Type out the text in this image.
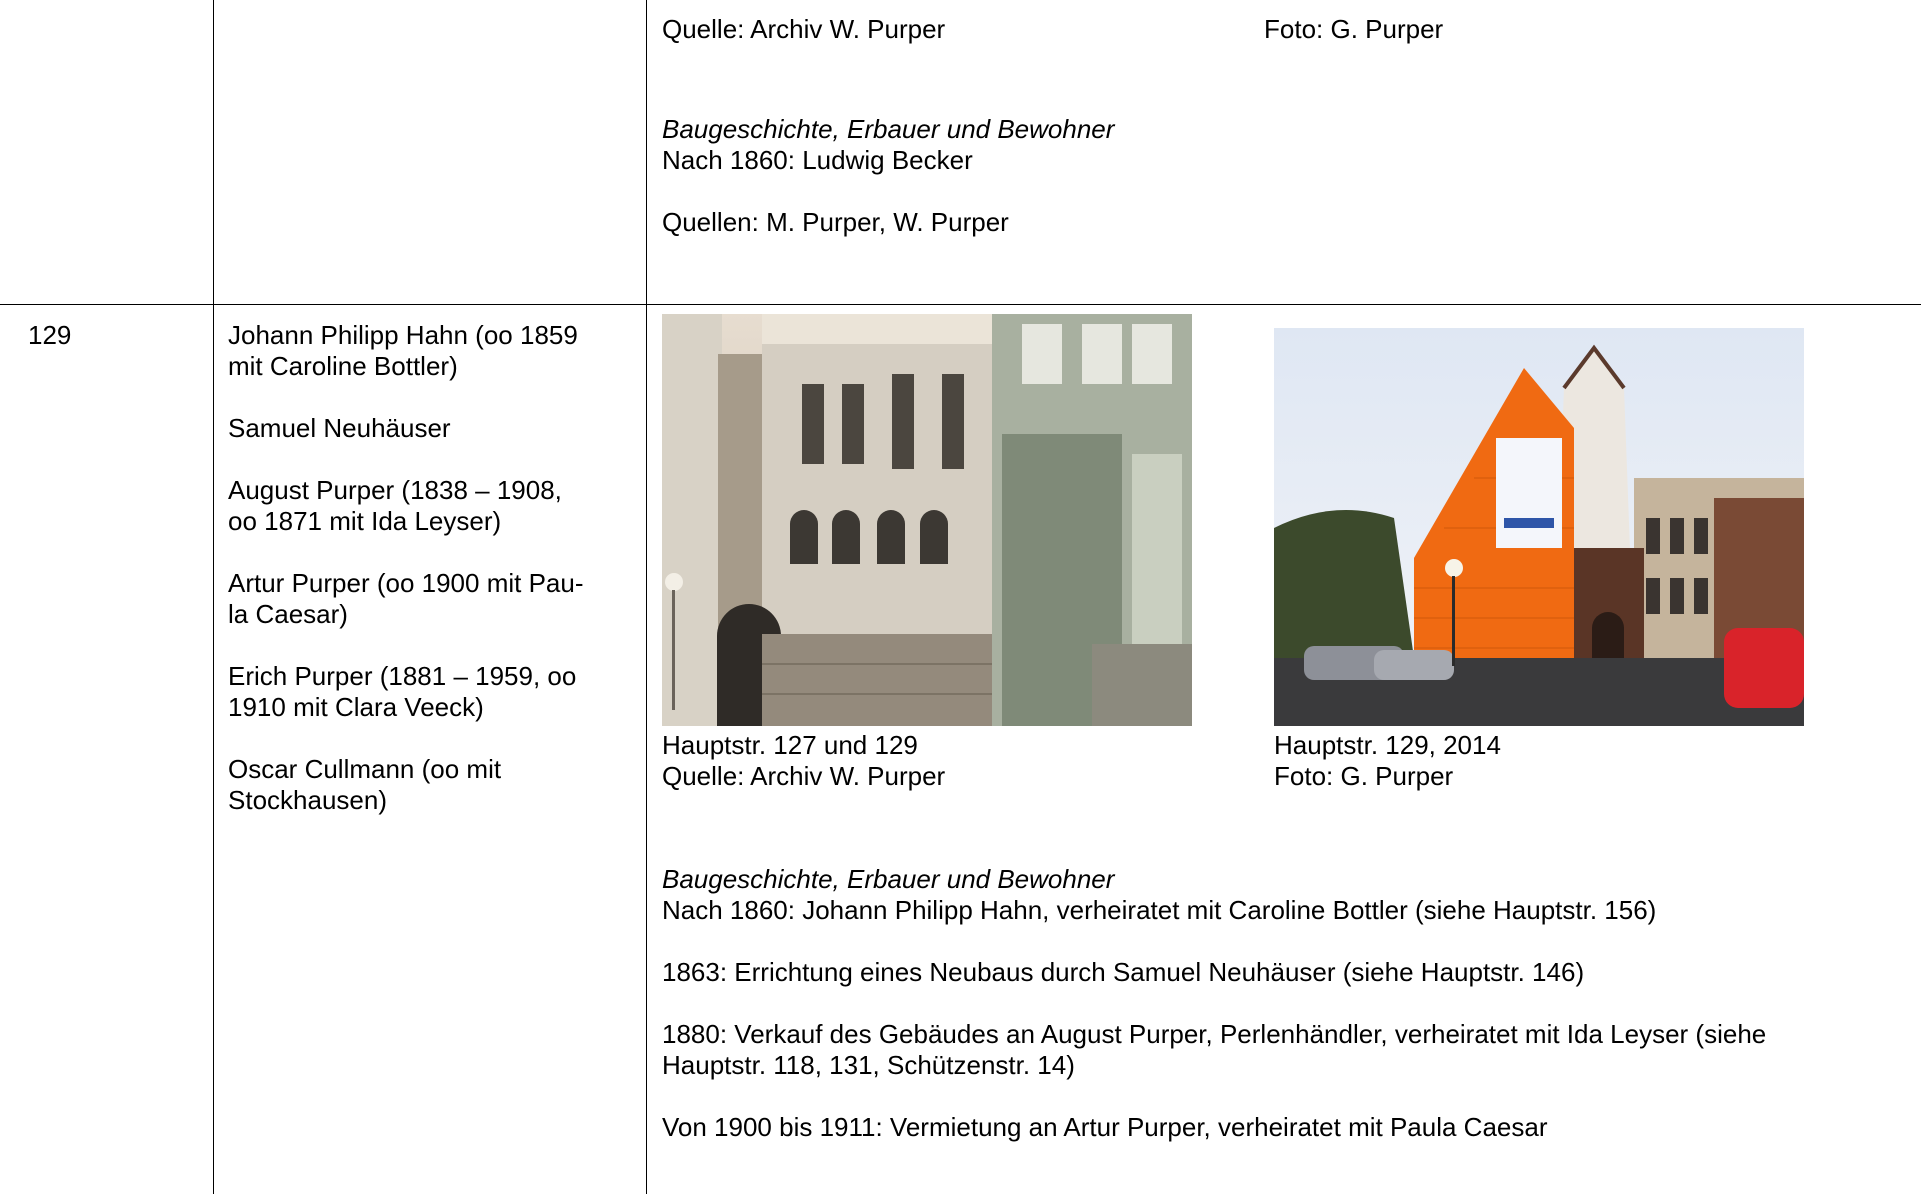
Quelle: Archiv W. Purper	Foto: G. Purper
Baugeschichte, Erbauer und Bewohner
Nach 1860: Ludwig Becker
Quellen: M. Purper, W. Purper
129	Johann Philipp Hahn (oo 1859
mit Caroline Bottler)
Samuel Neuhäuser
August Purper (1838 – 1908,
oo 1871 mit Ida Leyser)
Artur Purper (oo 1900 mit Pau-
la Caesar)
Erich Purper (1881 – 1959, oo
1910 mit Clara Veeck)
Oscar Cullmann (oo mit
Stockhausen)
Hauptstr. 127 und 129
Quelle: Archiv W. Purper
Hauptstr. 129, 2014
Foto: G. Purper
Baugeschichte, Erbauer und Bewohner
Nach 1860: Johann Philipp Hahn, verheiratet mit Caroline Bottler (siehe Hauptstr. 156)
1863: Errichtung eines Neubaus durch Samuel Neuhäuser (siehe Hauptstr. 146)
1880: Verkauf des Gebäudes an August Purper, Perlenhändler, verheiratet mit Ida Leyser (siehe
Hauptstr. 118, 131, Schützenstr. 14)
Von 1900 bis 1911: Vermietung an Artur Purper, verheiratet mit Paula Caesar
